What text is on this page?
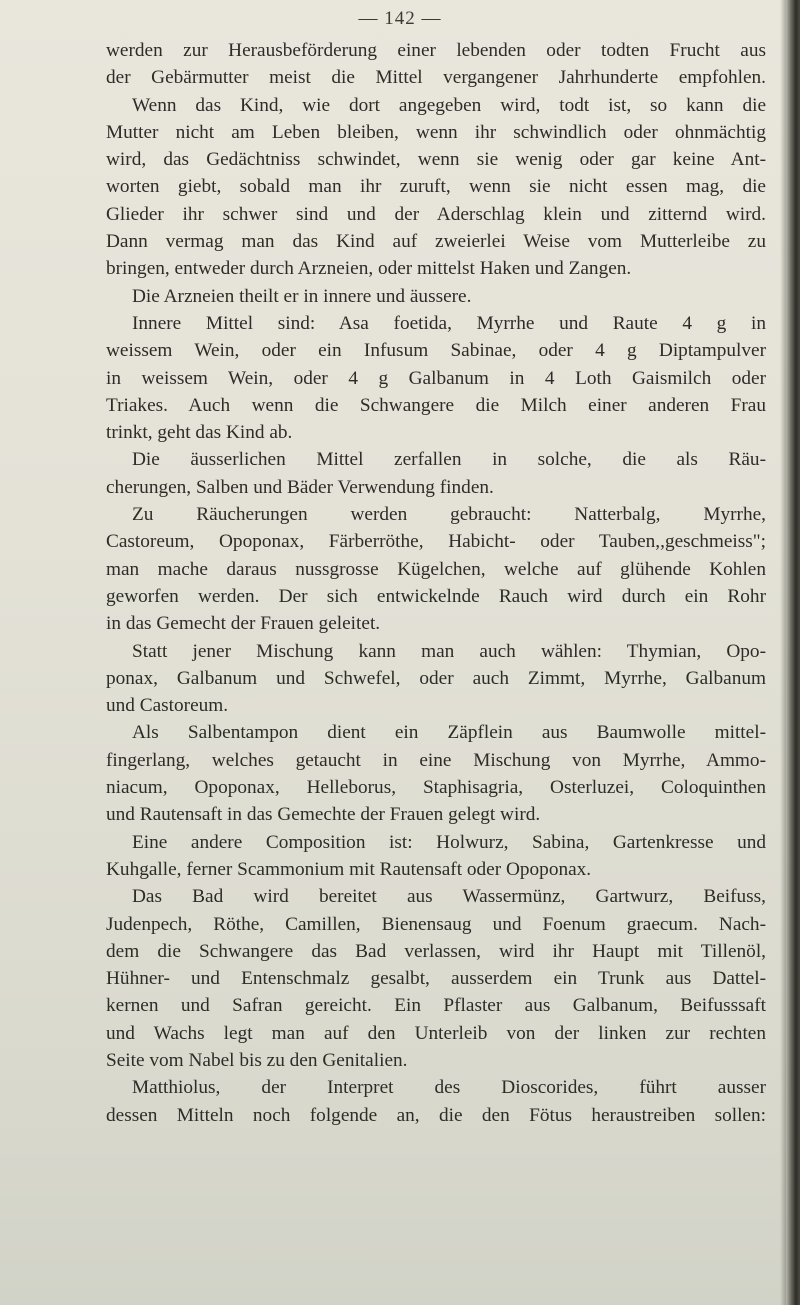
— 142 —
werden zur Herausbeförderung einer lebenden oder todten Frucht aus
der Gebärmutter meist die Mittel vergangener Jahrhunderte empfohlen.
Wenn das Kind, wie dort angegeben wird, todt ist, so kann die
Mutter nicht am Leben bleiben, wenn ihr schwindlich oder ohnmächtig
wird, das Gedächtniss schwindet, wenn sie wenig oder gar keine Ant-
worten giebt, sobald man ihr zuruft, wenn sie nicht essen mag, die
Glieder ihr schwer sind und der Aderschlag klein und zitternd wird.
Dann vermag man das Kind auf zweierlei Weise vom Mutterleibe zu
bringen, entweder durch Arzneien, oder mittelst Haken und Zangen.
Die Arzneien theilt er in innere und äussere.
Innere Mittel sind: Asa foetida, Myrrhe und Raute 4 g in
weissem Wein, oder ein Infusum Sabinae, oder 4 g Diptampulver
in weissem Wein, oder 4 g Galbanum in 4 Loth Gaismilch oder
Triakes. Auch wenn die Schwangere die Milch einer anderen Frau
trinkt, geht das Kind ab.
Die äusserlichen Mittel zerfallen in solche, die als Räu-
cherungen, Salben und Bäder Verwendung finden.
Zu Räucherungen werden gebraucht: Natterbalg, Myrrhe,
Castoreum, Opoponax, Färberröthe, Habicht- oder Tauben,,geschmeiss";
man mache daraus nussgrosse Kügelchen, welche auf glühende Kohlen
geworfen werden. Der sich entwickelnde Rauch wird durch ein Rohr
in das Gemecht der Frauen geleitet.
Statt jener Mischung kann man auch wählen: Thymian, Opo-
ponax, Galbanum und Schwefel, oder auch Zimmt, Myrrhe, Galbanum
und Castoreum.
Als Salbentampon dient ein Zäpflein aus Baumwolle mittel-
fingerlang, welches getaucht in eine Mischung von Myrrhe, Ammo-
niacum, Opoponax, Helleborus, Staphisagria, Osterluzei, Coloquinthen
und Rautensaft in das Gemechte der Frauen gelegt wird.
Eine andere Composition ist: Holwurz, Sabina, Gartenkresse und
Kuhgalle, ferner Scammonium mit Rautensaft oder Opoponax.
Das Bad wird bereitet aus Wassermünz, Gartwurz, Beifuss,
Judenpech, Röthe, Camillen, Bienensaug und Foenum graecum. Nach-
dem die Schwangere das Bad verlassen, wird ihr Haupt mit Tillenöl,
Hühner- und Entenschmalz gesalbt, ausserdem ein Trunk aus Dattel-
kernen und Safran gereicht. Ein Pflaster aus Galbanum, Beifusssaft
und Wachs legt man auf den Unterleib von der linken zur rechten
Seite vom Nabel bis zu den Genitalien.
Matthiolus, der Interpret des Dioscorides, führt ausser
dessen Mitteln noch folgende an, die den Fötus heraustreiben sollen:
